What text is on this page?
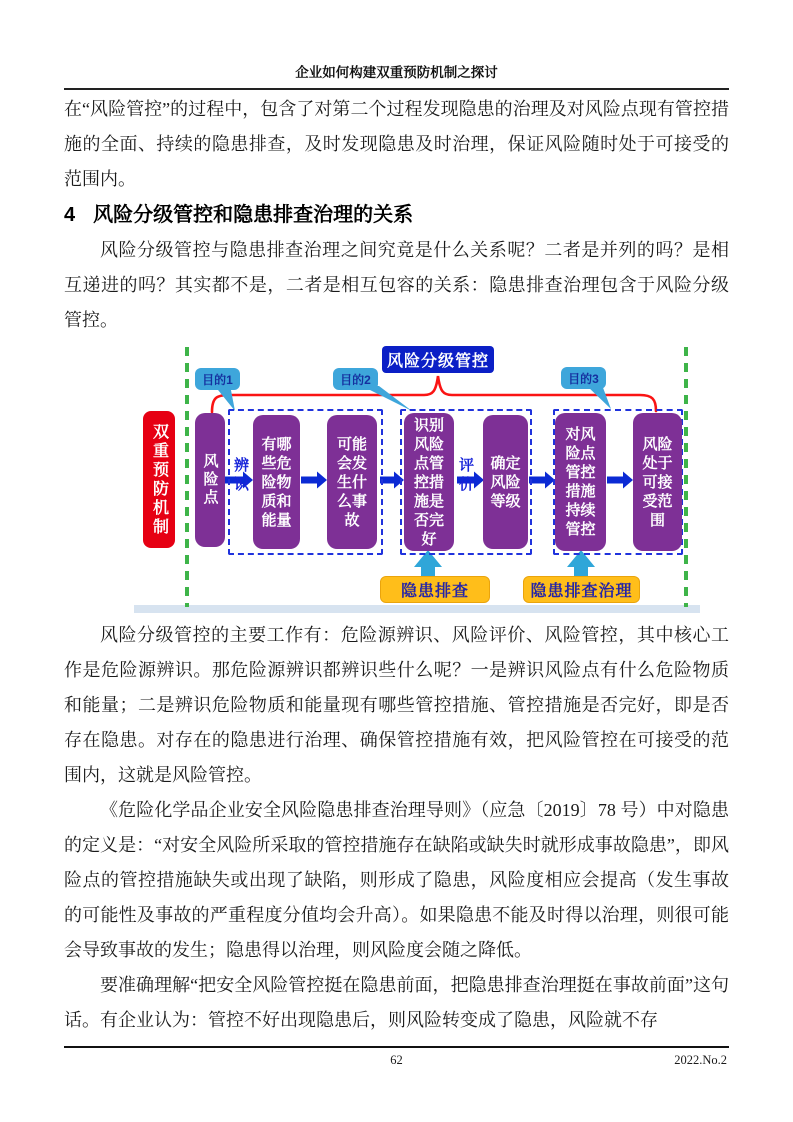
企业如何构建双重预防机制之探讨

在“风险管控”的过程中，包含了对第二个过程发现隐患的治理及对风险点现有管控措施的全面、持续的隐患排查，及时发现隐患及时治理，保证风险随时处于可接受的范围内。

4 风险分级管控和隐患排查治理的关系

风险分级管控与隐患排查治理之间究竟是什么关系呢？二者是并列的吗？是相互递进的吗？其实都不是，二者是相互包容的关系：隐患排查治理包含于风险分级管控。

双重预防机制
风险分级管控
目的1	目的2	目的3
风险点
有哪些危险物质和能量
可能会发生什么事故
识别风险点管控措施是否完好
确定风险等级
对风险点管控措施持续管控
风险处于可接受范围
辨识	评价
隐患排查	隐患排查治理

风险分级管控的主要工作有：危险源辨识、风险评价、风险管控，其中核心工作是危险源辨识。那危险源辨识都辨识些什么呢？一是辨识风险点有什么危险物质和能量；二是辨识危险物质和能量现有哪些管控措施、管控措施是否完好，即是否存在隐患。对存在的隐患进行治理、确保管控措施有效，把风险管控在可接受的范围内，这就是风险管控。

《危险化学品企业安全风险隐患排查治理导则》（应急〔2019〕78 号）中对隐患的定义是：“对安全风险所采取的管控措施存在缺陷或缺失时就形成事故隐患”，即风险点的管控措施缺失或出现了缺陷，则形成了隐患，风险度相应会提高（发生事故的可能性及事故的严重程度分值均会升高）。如果隐患不能及时得以治理，则很可能会导致事故的发生；隐患得以治理，则风险度会随之降低。

要准确理解“把安全风险管控挺在隐患前面，把隐患排查治理挺在事故前面”这句话。有企业认为：管控不好出现隐患后，则风险转变成了隐患，风险就不存

62	2022.No.2
